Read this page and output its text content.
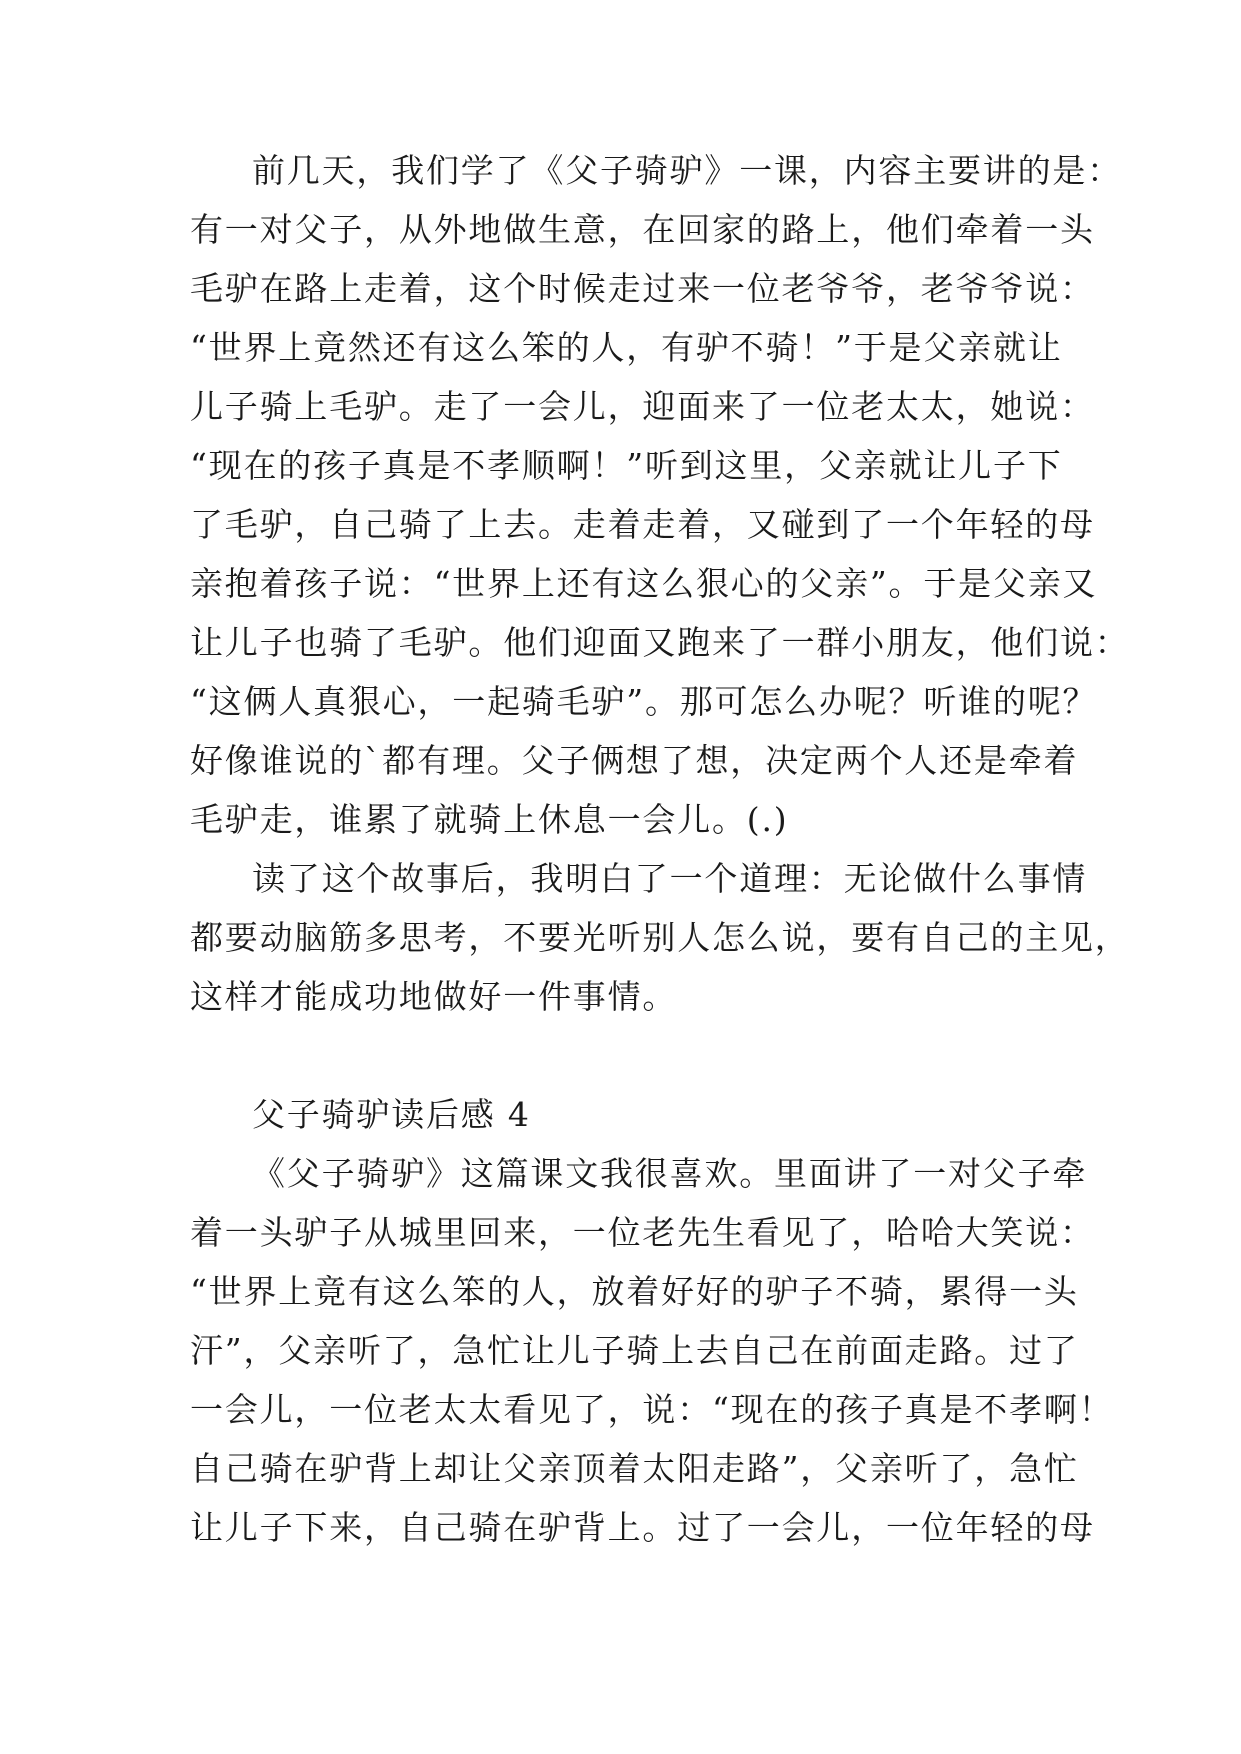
前几天，我们学了《父子骑驴》一课，内容主要讲的是：
有一对父子，从外地做生意，在回家的路上，他们牵着一头
毛驴在路上走着，这个时候走过来一位老爷爷，老爷爷说：
“世界上竟然还有这么笨的人，有驴不骑！”于是父亲就让
儿子骑上毛驴。走了一会儿，迎面来了一位老太太，她说：
“现在的孩子真是不孝顺啊！”听到这里，父亲就让儿子下
了毛驴，自己骑了上去。走着走着，又碰到了一个年轻的母
亲抱着孩子说：“世界上还有这么狠心的父亲”。于是父亲又
让儿子也骑了毛驴。他们迎面又跑来了一群小朋友，他们说：
“这俩人真狠心，一起骑毛驴”。那可怎么办呢？听谁的呢？
好像谁说的`都有理。父子俩想了想，决定两个人还是牵着
毛驴走，谁累了就骑上休息一会儿。(.)
读了这个故事后，我明白了一个道理：无论做什么事情
都要动脑筋多思考，不要光听别人怎么说，要有自己的主见，
这样才能成功地做好一件事情。
父子骑驴读后感 4
《父子骑驴》这篇课文我很喜欢。里面讲了一对父子牵
着一头驴子从城里回来，一位老先生看见了，哈哈大笑说：
“世界上竟有这么笨的人，放着好好的驴子不骑，累得一头
汗”，父亲听了，急忙让儿子骑上去自己在前面走路。过了
一会儿，一位老太太看见了，说：“现在的孩子真是不孝啊！
自己骑在驴背上却让父亲顶着太阳走路”，父亲听了，急忙
让儿子下来，自己骑在驴背上。过了一会儿，一位年轻的母
